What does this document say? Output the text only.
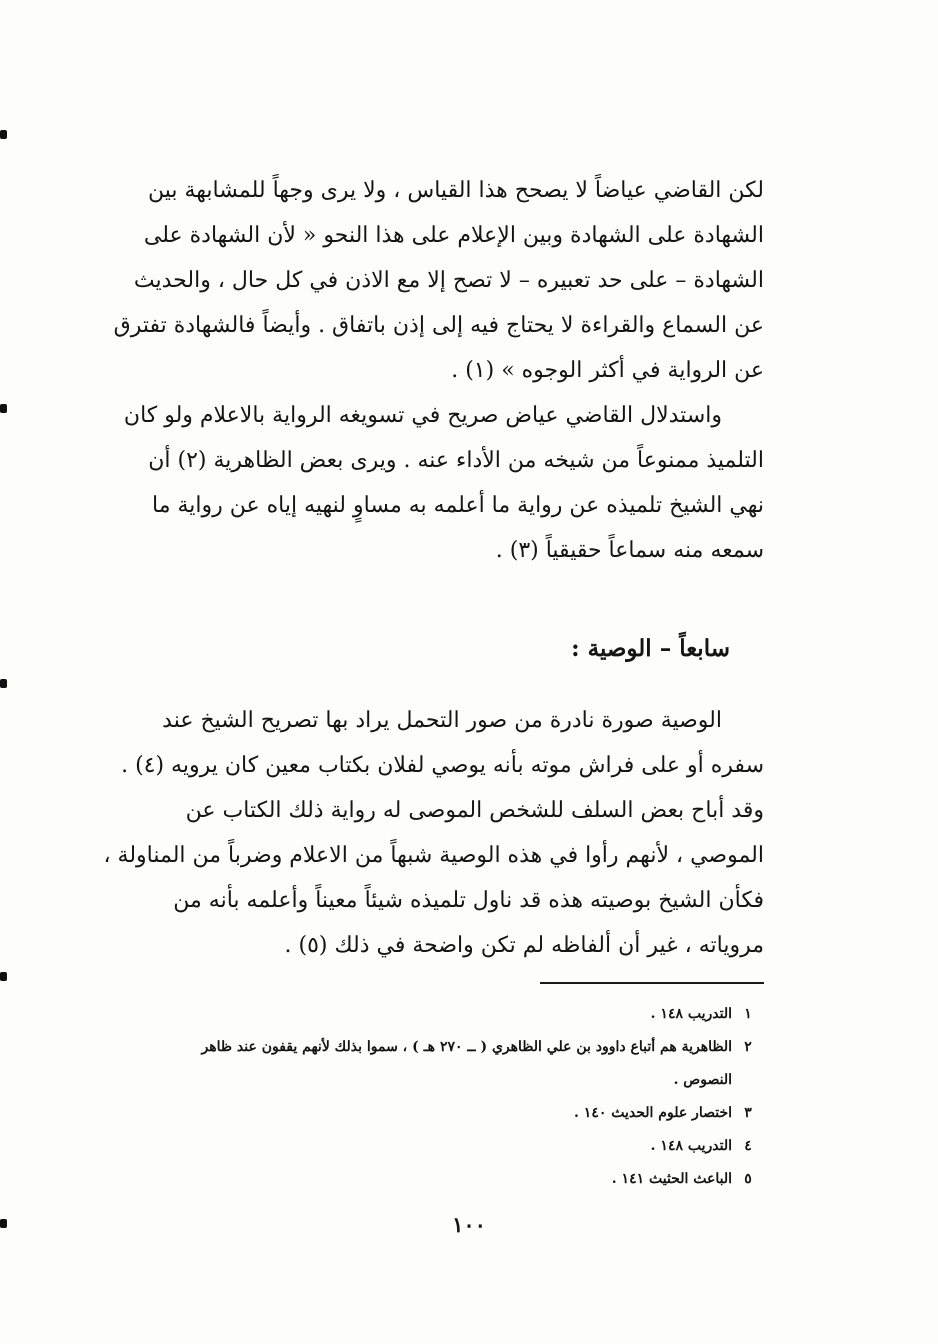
لكن القاضي عياضاً لا يصحح هذا القياس ، ولا يرى وجهاً للمشابهة بين
الشهادة على الشهادة وبين الإعلام على هذا النحو « لأن الشهادة على
الشهادة – على حد تعبيره – لا تصح إلا مع الاذن في كل حال ، والحديث
عن السماع والقراءة لا يحتاج فيه إلى إذن باتفاق . وأيضاً فالشهادة تفترق
عن الرواية في أكثر الوجوه » (١) .
واستدلال القاضي عياض صريح في تسويغه الرواية بالاعلام ولو كان
التلميذ ممنوعاً من شيخه من الأداء عنه . ويرى بعض الظاهرية (٢) أن
نهي الشيخ تلميذه عن رواية ما أعلمه به مساوٍ لنهيه إياه عن رواية ما
سمعه منه سماعاً حقيقياً (٣) .
سابعاً – الوصية :
الوصية صورة نادرة من صور التحمل يراد بها تصريح الشيخ عند
سفره أو على فراش موته بأنه يوصي لفلان بكتاب معين كان يرويه (٤) .
وقد أباح بعض السلف للشخص الموصى له رواية ذلك الكتاب عن
الموصي ، لأنهم رأوا في هذه الوصية شبهاً من الاعلام وضرباً من المناولة ،
فكأن الشيخ بوصيته هذه قد ناول تلميذه شيئاً معيناً وأعلمه بأنه من
مروياته ، غير أن ألفاظه لم تكن واضحة في ذلك (٥) .
١
التدريب ١٤٨ .
٢
الظاهرية هم أتباع داوود بن علي الظاهري ( ــ ٢٧٠ هـ ) ، سموا بذلك لأنهم يقفون عند ظاهر
النصوص .
٣
اختصار علوم الحديث ١٤٠ .
٤
التدريب ١٤٨ .
٥
الباعث الحثيث ١٤١ .
١٠٠
